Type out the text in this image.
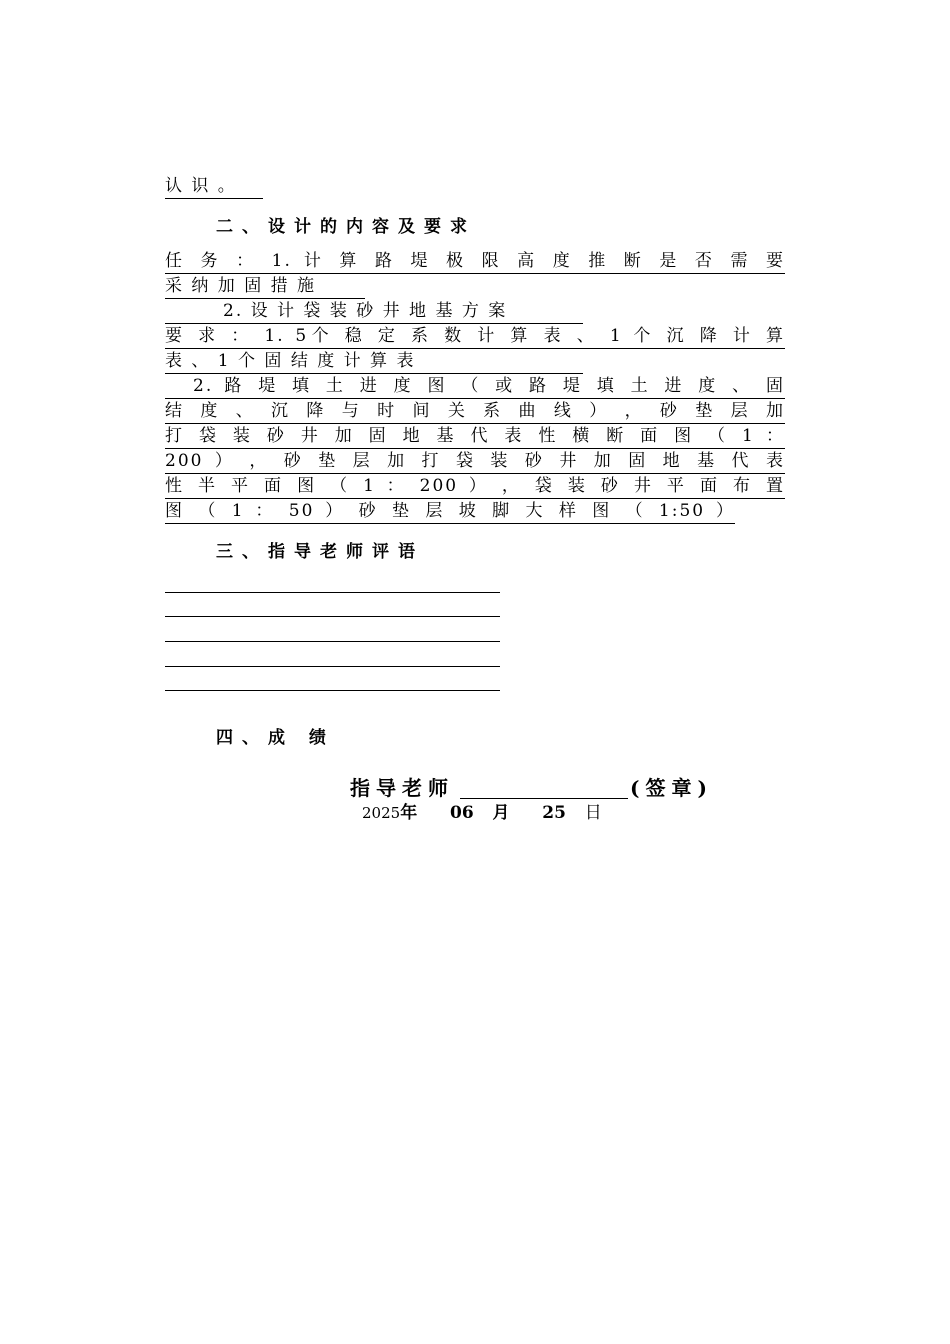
认 识 。
二、设计的内容及要求
任 务 ： 1. 计 算 路 堤 极 限 高 度 推 断 是 否 需 要
采 纳 加 固 措 施
2. 设 计 袋 装 砂 井 地 基 方 案
要 求 ： 1. 5个 稳 定 系 数 计 算 表 、 1 个 沉 降 计 算
表 、 1 个 固 结 度 计 算 表
2. 路 堤 填 土 进 度 图 （ 或 路 堤 填 土 进 度 、 固
结 度 、 沉 降 与 时 间 关 系 曲 线 ） ， 砂 垫 层 加
打 袋 装 砂 井 加 固 地 基 代 表 性 横 断 面 图 （ 1 ：
200 ） ， 砂 垫 层 加 打 袋 装 砂 井 加 固 地 基 代 表
性 半 平 面 图 （ 1 ： 200 ） ， 袋 装 砂 井 平 面 布 置
图 （ 1 ： 50 ） 砂 垫 层 坡 脚 大 样 图 （ 1:50 ）
三、指导老师评语
四、成 绩
指导老师	(签章)
2025年 06 月 25 日
